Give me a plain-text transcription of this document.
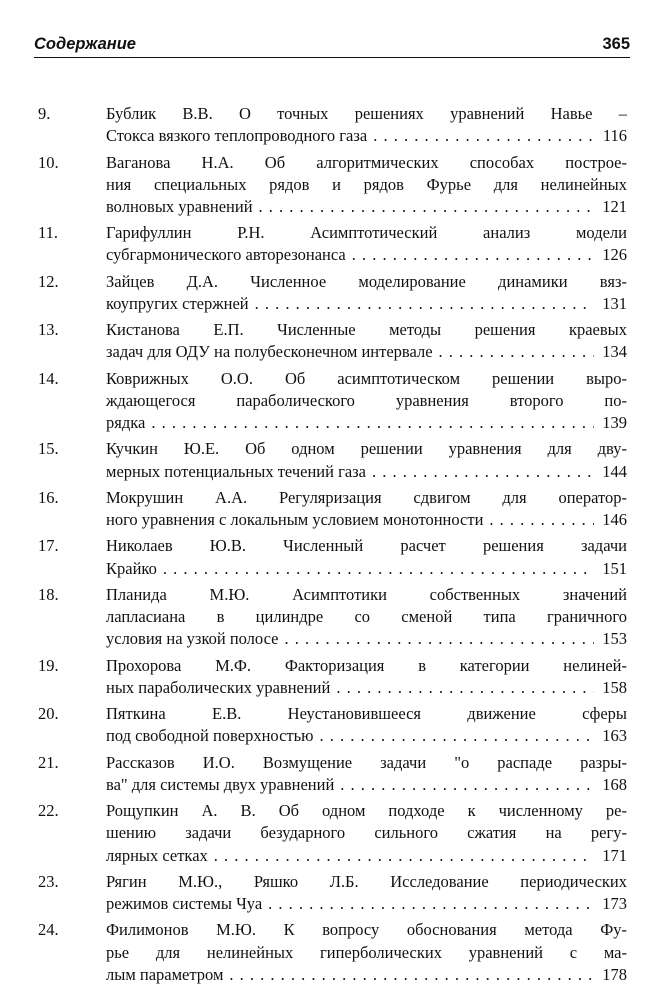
Содержание	365
9.	Бублик В.В. О точных решениях уравнений Навье –
Стокса вязкого теплопроводного газа . . .	116
10.	Ваганова Н.А. Об алгоритмических способах построе-
ния специальных рядов и рядов Фурье для нелинейных
волновых уравнений . . .	121
11.	Гарифуллин Р.Н. Асимптотический анализ модели
субгармонического авторезонанса . . .	126
12.	Зайцев Д.А. Численное моделирование динамики вяз-
коупругих стержней . . .	131
13.	Кистанова Е.П. Численные методы решения краевых
задач для ОДУ на полубесконечном интервале . . .	134
14.	Коврижных О.О. Об асимптотическом решении выро-
ждающегося параболического уравнения второго по-
рядка . . .	139
15.	Кучкин Ю.Е. Об одном решении уравнения для дву-
мерных потенциальных течений газа . . .	144
16.	Мокрушин А.А. Регуляризация сдвигом для оператор-
ного уравнения с локальным условием монотонности . . .	146
17.	Николаев Ю.В. Численный расчет решения задачи
Крайко . . .	151
18.	Планида М.Ю. Асимптотики собственных значений
лапласиана в цилиндре со сменой типа граничного
условия на узкой полосе . . .	153
19.	Прохорова М.Ф. Факторизация в категории нелиней-
ных параболических уравнений . . .	158
20.	Пяткина Е.В. Неустановившееся движение сферы
под свободной поверхностью . . .	163
21.	Рассказов И.О. Возмущение задачи "о распаде разры-
ва" для системы двух уравнений . . .	168
22.	Рощупкин А. В. Об одном подходе к численному ре-
шению задачи безударного сильного сжатия на регу-
лярных сетках . . .	171
23.	Рягин М.Ю., Ряшко Л.Б. Исследование периодических
режимов системы Чуа . . .	173
24.	Филимонов М.Ю. К вопросу обоснования метода Фу-
рье для нелинейных гиперболических уравнений с ма-
лым параметром . . .	178
